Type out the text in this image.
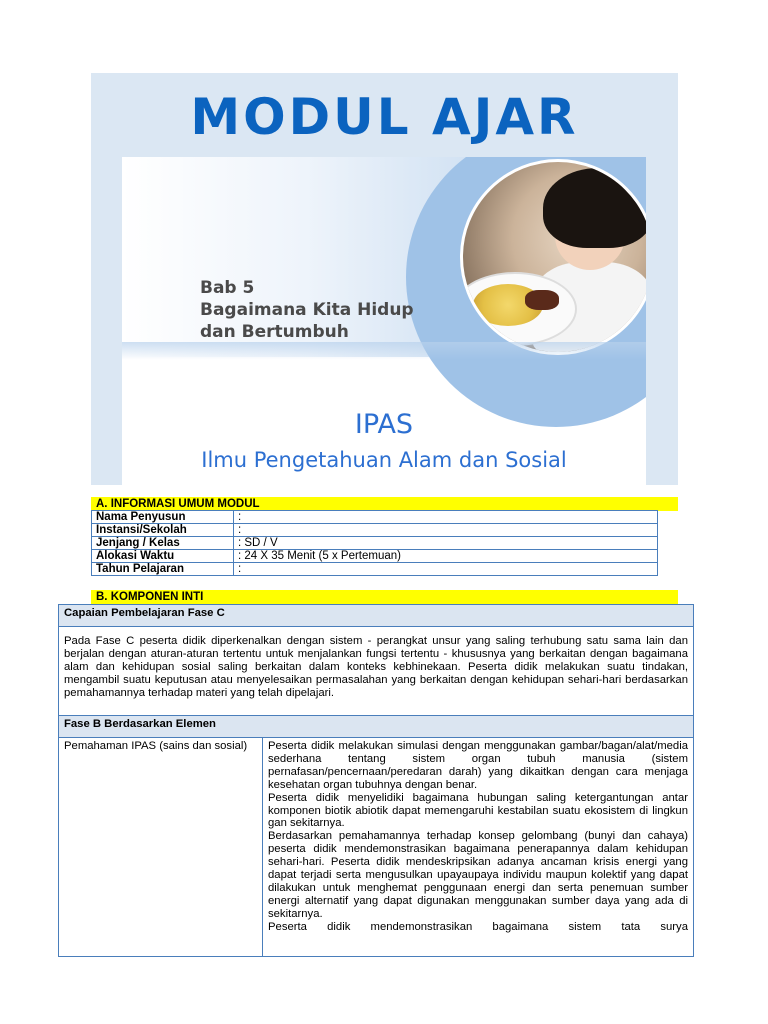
MODUL AJAR
Bab 5
Bagaimana Kita Hidup
dan Bertumbuh
IPAS
Ilmu Pengetahuan Alam dan Sosial
A. INFORMASI UMUM MODUL
Nama Penyusun	:
Instansi/Sekolah	:
Jenjang / Kelas	: SD / V
Alokasi Waktu	: 24 X 35 Menit (5 x Pertemuan)
Tahun Pelajaran	:
B. KOMPONEN INTI
Capaian Pembelajaran Fase C

Pada Fase C peserta didik diperkenalkan dengan sistem - perangkat unsur yang saling terhubung satu sama lain dan berjalan dengan aturan-aturan tertentu untuk menjalankan fungsi tertentu - khususnya yang berkaitan dengan bagaimana alam dan kehidupan sosial saling berkaitan dalam konteks kebhinekaan. Peserta didik melakukan suatu tindakan, mengambil suatu keputusan atau menyelesaikan permasalahan yang berkaitan dengan kehidupan sehari-hari berdasarkan pemahamannya terhadap materi yang telah dipelajari.

Fase B Berdasarkan Elemen
Pemahaman IPAS (sains dan sosial)	Peserta didik melakukan simulasi dengan menggunakan gambar/bagan/alat/media sederhana tentang sistem organ tubuh manusia (sistem pernafasan/pencernaan/peredaran darah) yang dikaitkan dengan cara menjaga kesehatan organ tubuhnya dengan benar.

Peserta didik menyelidiki bagaimana hubungan saling ketergantungan antar komponen biotik abiotik dapat memengaruhi kestabilan suatu ekosistem di lingkun gan sekitarnya.

Berdasarkan pemahamannya terhadap konsep gelombang (bunyi dan cahaya) peserta didik mendemonstrasikan bagaimana penerapannya dalam kehidupan sehari-hari. Peserta didik mendeskripsikan adanya ancaman krisis energi yang dapat terjadi serta mengusulkan upayaupaya individu maupun kolektif yang dapat dilakukan untuk menghemat penggunaan energi dan serta penemuan sumber energi alternatif yang dapat digunakan menggunakan sumber daya yang ada di sekitarnya.

Peserta didik mendemonstrasikan bagaimana sistem tata surya
